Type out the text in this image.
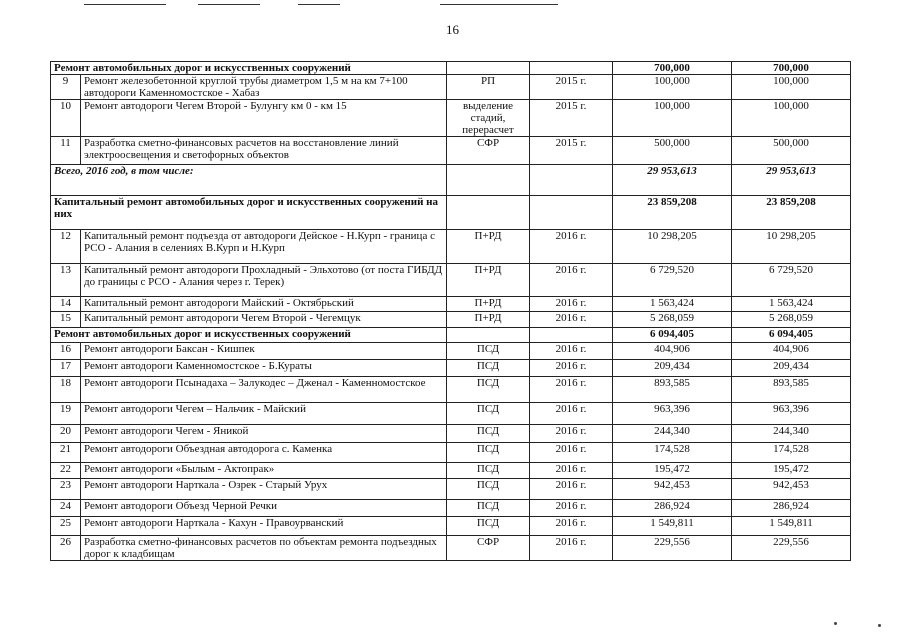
16
Ремонт автомобильных дорог и искусственных сооружений				700,000	700,000
9	Ремонт железобетонной круглой трубы диаметром 1,5 м на км 7+100 автодороги Каменномостское - Хабаз	РП	2015 г.	100,000	100,000
10	Ремонт автодороги Чегем Второй - Булунгу км 0 - км 15	выделение стадий, перерасчет	2015 г.	100,000	100,000
11	Разработка сметно-финансовых расчетов на восстановление линий электроосвещения и светофорных объектов	СФР	2015 г.	500,000	500,000
Всего, 2016 год, в том числе:				29 953,613	29 953,613
Капитальный ремонт автомобильных дорог и искусственных сооружений на них				23 859,208	23 859,208
12	Капитальный ремонт подъезда от автодороги Дейское - Н.Курп - граница с РСО - Алания в селениях В.Курп и Н.Курп	П+РД	2016 г.	10 298,205	10 298,205
13	Капитальный ремонт автодороги Прохладный - Эльхотово (от поста ГИБДД до границы с РСО - Алания через г. Терек)	П+РД	2016 г.	6 729,520	6 729,520
14	Капитальный ремонт автодороги Майский - Октябрьский	П+РД	2016 г.	1 563,424	1 563,424
15	Капитальный ремонт автодороги Чегем Второй - Чегемцук	П+РД	2016 г.	5 268,059	5 268,059
Ремонт автомобильных дорог и искусственных сооружений				6 094,405	6 094,405
16	Ремонт автодороги Баксан - Кишпек	ПСД	2016 г.	404,906	404,906
17	Ремонт автодороги Каменномостское - Б.Кураты	ПСД	2016 г.	209,434	209,434
18	Ремонт автодороги Псынадаха – Залукодес – Дженал - Каменномостское	ПСД	2016 г.	893,585	893,585
19	Ремонт автодороги Чегем – Нальчик - Майский	ПСД	2016 г.	963,396	963,396
20	Ремонт автодороги Чегем - Яникой	ПСД	2016 г.	244,340	244,340
21	Ремонт автодороги Объездная автодорога с. Каменка	ПСД	2016 г.	174,528	174,528
22	Ремонт автодороги «Былым - Актопрак»	ПСД	2016 г.	195,472	195,472
23	Ремонт автодороги Нарткала - Озрек - Старый Урух	ПСД	2016 г.	942,453	942,453
24	Ремонт автодороги Объезд Черной Речки	ПСД	2016 г.	286,924	286,924
25	Ремонт автодороги Нарткала - Кахун - Правоурванский	ПСД	2016 г.	1 549,811	1 549,811
26	Разработка сметно-финансовых расчетов по объектам ремонта подъездных дорог к кладбищам	СФР	2016 г.	229,556	229,556
